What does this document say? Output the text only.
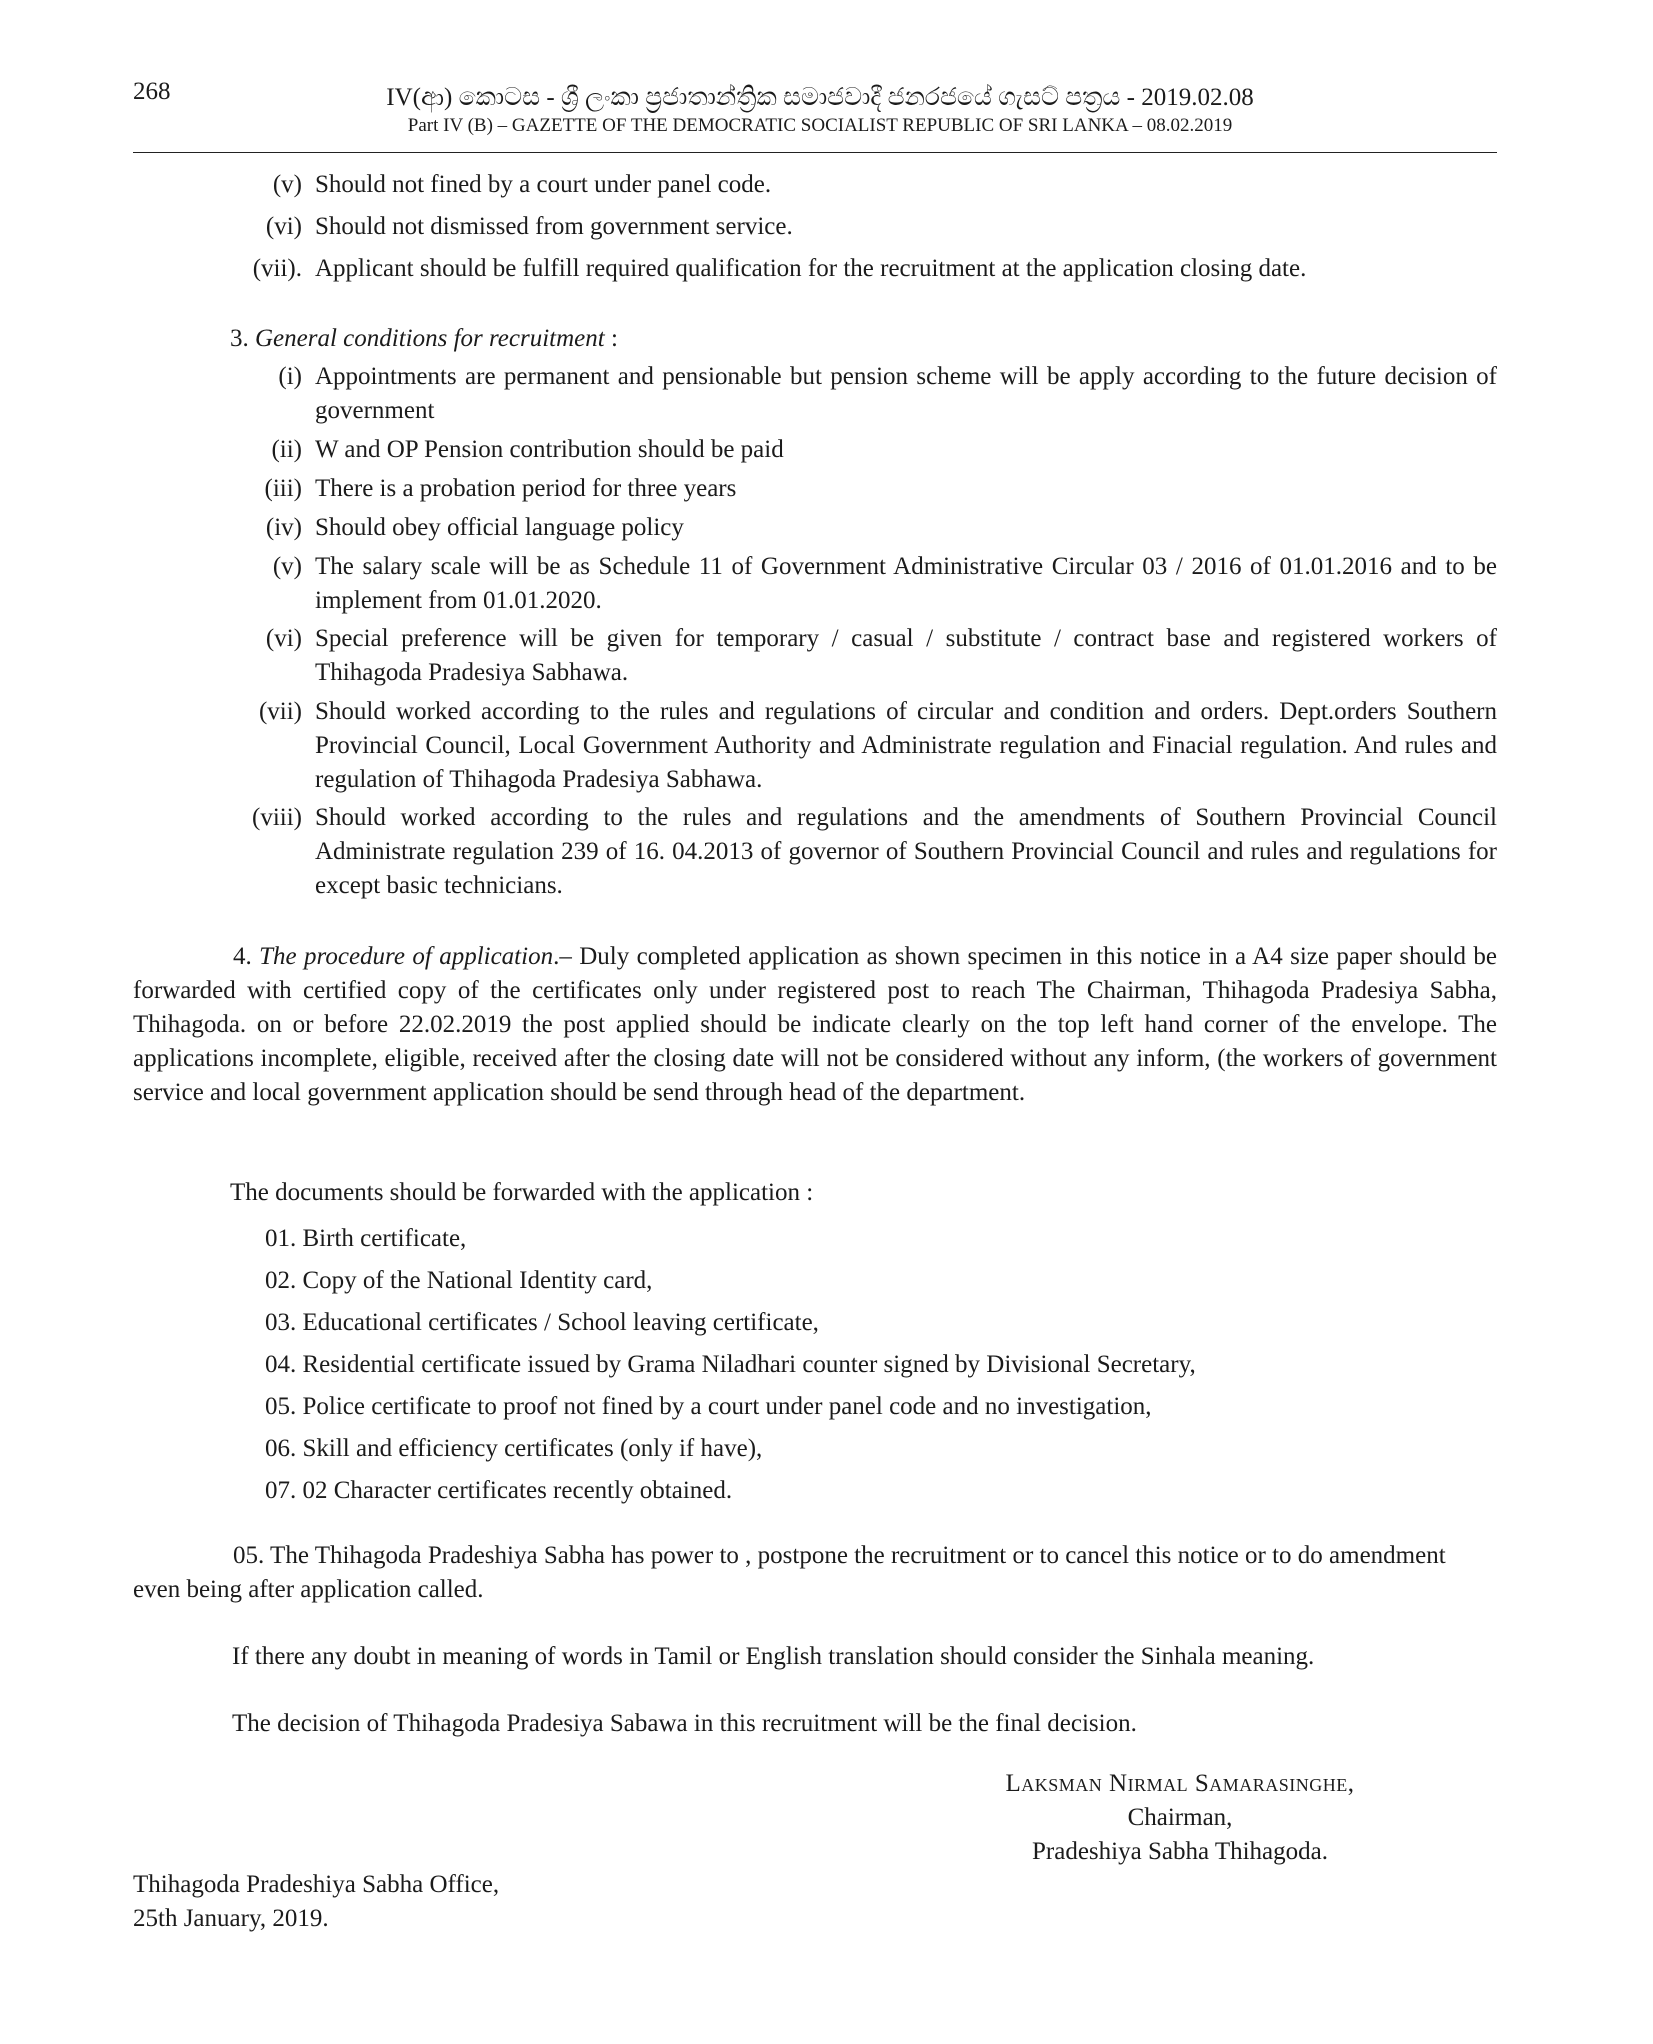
268	IV(ආ) කොටස - ශ්‍රී ලංකා ප්‍රජාතාන්ත්‍රික සමාජවාදී ජනරජයේ ගැසට් පත්‍රය - 2019.02.08
Part IV (B) – GAZETTE OF THE DEMOCRATIC SOCIALIST REPUBLIC OF SRI LANKA – 08.02.2019
(v) Should not fined by a court under panel code.
(vi) Should not dismissed from government service.
(vii). Applicant should be fulfill required qualification for the recruitment at the application closing date.
3. General conditions for recruitment :
(i) Appointments are permanent and pensionable but pension scheme will be apply according to the future decision of government
(ii) W and OP Pension contribution should be paid
(iii) There is a probation period for three years
(iv) Should obey official language policy
(v) The salary scale will be as Schedule 11 of Government Administrative Circular 03 / 2016 of 01.01.2016 and to be implement from 01.01.2020.
(vi) Special preference will be given for temporary / casual / substitute / contract base and registered workers of Thihagoda Pradesiya Sabhawa.
(vii) Should worked according to the rules and regulations of circular and condition and orders. Dept.orders Southern Provincial Council, Local Government Authority and Administrate regulation and Finacial regulation. And rules and regulation of Thihagoda Pradesiya Sabhawa.
(viii) Should worked according to the rules and regulations and the amendments of Southern Provincial Council Administrate regulation 239 of 16. 04.2013 of governor of Southern Provincial Council and rules and regulations for except basic technicians.
4. The procedure of application.– Duly completed application as shown specimen in this notice in a A4 size paper should be forwarded with certified copy of the certificates only under registered post to reach The Chairman, Thihagoda Pradesiya Sabha, Thihagoda. on or before 22.02.2019 the post applied should be indicate clearly on the top left hand corner of the envelope. The applications incomplete, eligible, received after the closing date will not be considered without any inform, (the workers of government service and local government application should be send through head of the department.
The documents should be forwarded with the application :
01. Birth certificate,
02. Copy of the National Identity card,
03. Educational certificates / School leaving certificate,
04. Residential certificate issued by Grama Niladhari counter signed by Divisional Secretary,
05. Police certificate to proof not fined by a court under panel code and no investigation,
06. Skill and efficiency certificates (only if have),
07. 02 Character certificates recently obtained.
05. The Thihagoda Pradeshiya Sabha has power to , postpone the recruitment or to cancel this notice or to do amendment even being after application called.
If there any doubt in meaning of words in Tamil or English translation should consider the Sinhala meaning.
The decision of Thihagoda Pradesiya Sabawa in this recruitment will be the final decision.
Laksman Nirmal Samarasinghe,
Chairman,
Pradeshiya Sabha Thihagoda.
Thihagoda Pradeshiya Sabha Office,
25th January, 2019.
